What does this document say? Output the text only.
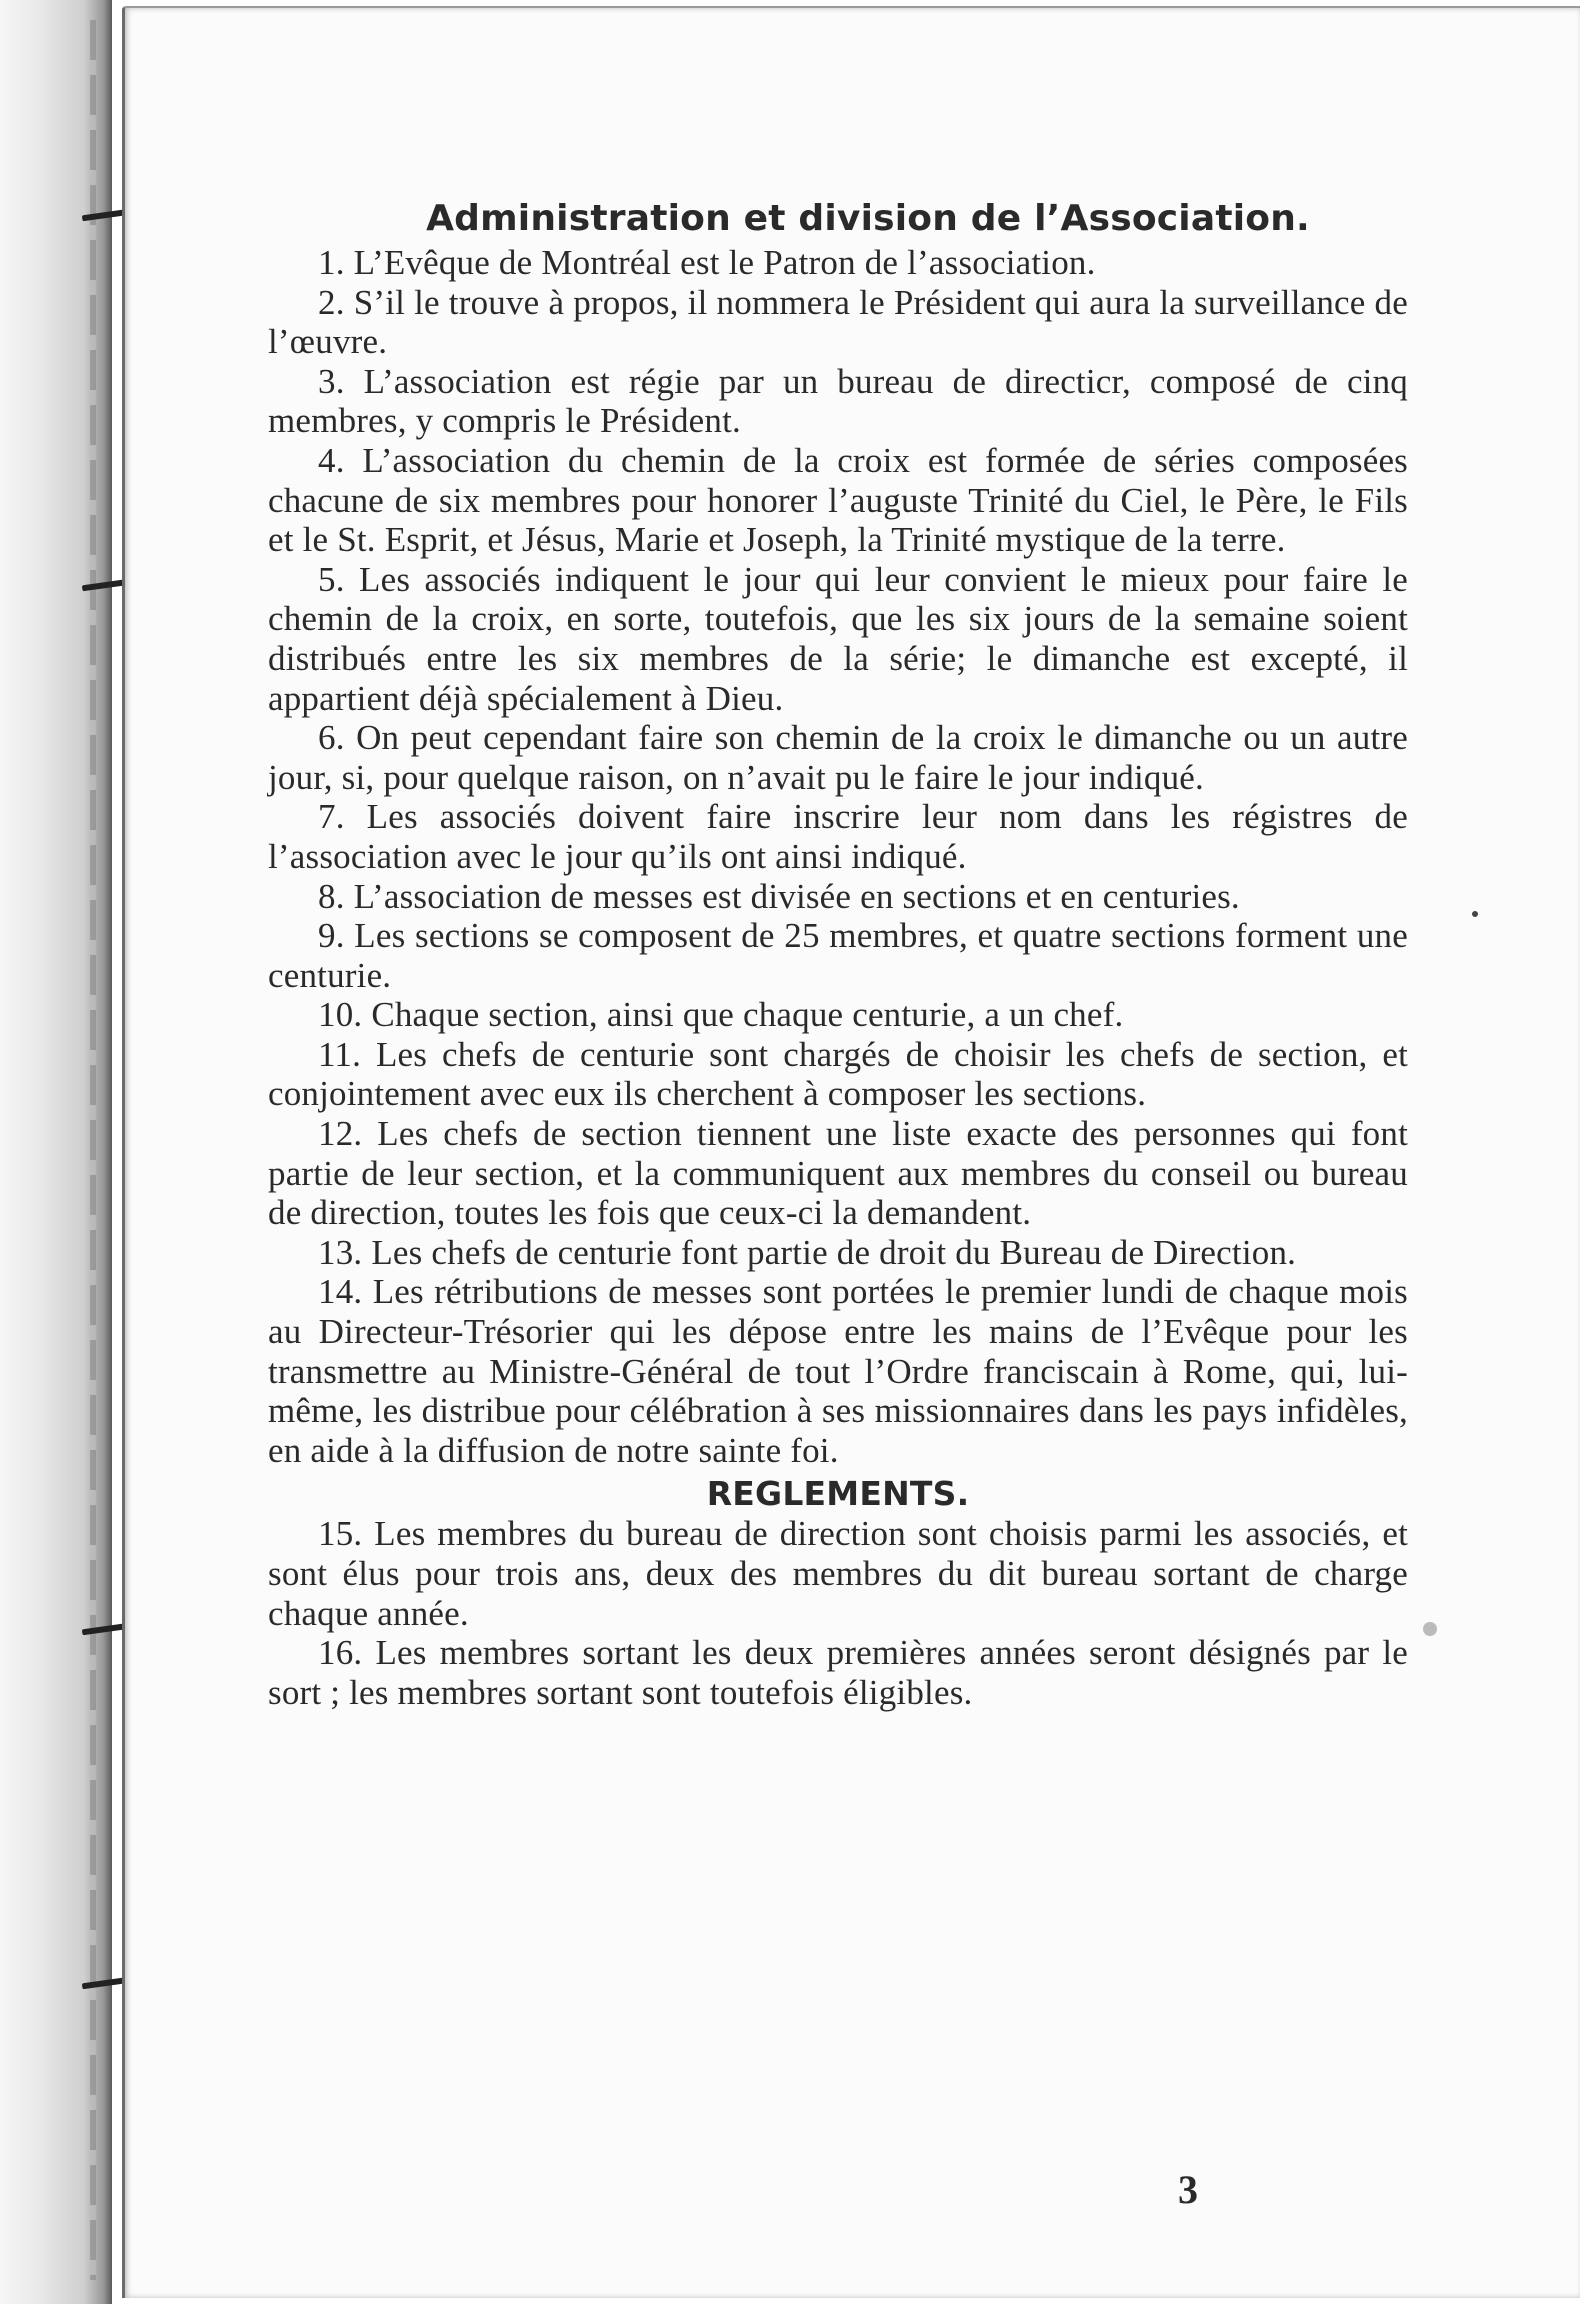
Administration et division de l’Association.

1. L’Evêque de Montréal est le Patron de l’association.

2. S’il le trouve à propos, il nommera le Président qui aura la surveillance de l’œuvre.

3. L’association est régie par un bureau de directicr, composé de cinq membres, y compris le Président.

4. L’association du chemin de la croix est formée de séries composées chacune de six membres pour honorer l’auguste Trinité du Ciel, le Père, le Fils et le St. Esprit, et Jésus, Marie et Joseph, la Trinité mystique de la terre.

5. Les associés indiquent le jour qui leur convient le mieux pour faire le chemin de la croix, en sorte, toutefois, que les six jours de la semaine soient distribués entre les six membres de la série; le dimanche est excepté, il appartient déjà spécialement à Dieu.

6. On peut cependant faire son chemin de la croix le dimanche ou un autre jour, si, pour quelque raison, on n’avait pu le faire le jour indiqué.

7. Les associés doivent faire inscrire leur nom dans les régistres de l’association avec le jour qu’ils ont ainsi indiqué.

8. L’association de messes est divisée en sections et en centuries.

9. Les sections se composent de 25 membres, et quatre sections forment une centurie.

10. Chaque section, ainsi que chaque centurie, a un chef.

11. Les chefs de centurie sont chargés de choisir les chefs de section, et conjointement avec eux ils cherchent à composer les sections.

12. Les chefs de section tiennent une liste exacte des personnes qui font partie de leur section, et la communiquent aux membres du conseil ou bureau de direction, toutes les fois que ceux-ci la demandent.

13. Les chefs de centurie font partie de droit du Bureau de Direction.

14. Les rétributions de messes sont portées le premier lundi de chaque mois au Directeur-Trésorier qui les dépose entre les mains de l’Evêque pour les transmettre au Ministre-Général de tout l’Ordre franciscain à Rome, qui, lui-même, les distribue pour célébration à ses missionnaires dans les pays infidèles, en aide à la diffusion de notre sainte foi.

REGLEMENTS.

15. Les membres du bureau de direction sont choisis parmi les associés, et sont élus pour trois ans, deux des membres du dit bureau sortant de charge chaque année.

16. Les membres sortant les deux premières années seront désignés par le sort ; les membres sortant sont toutefois éligibles.

3
